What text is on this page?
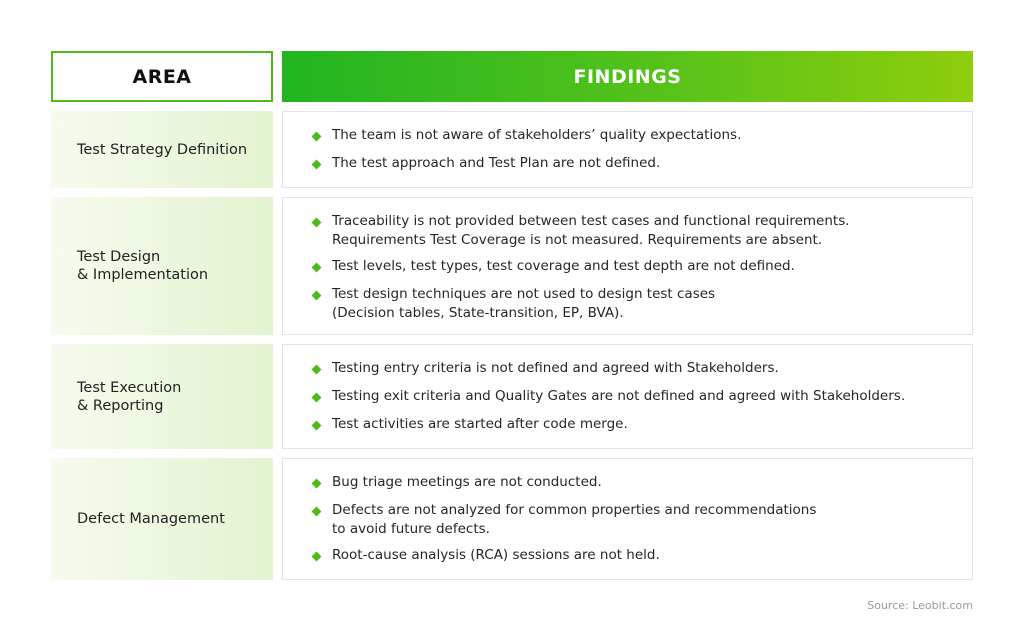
AREA	FINDINGS
Test Strategy Definition
The team is not aware of stakeholders’ quality expectations.
The test approach and Test Plan are not defined.
Test Design
& Implementation
Traceability is not provided between test cases and functional requirements.
Requirements Test Coverage is not measured. Requirements are absent.
Test levels, test types, test coverage and test depth are not defined.
Test design techniques are not used to design test cases
(Decision tables, State-transition, EP, BVA).
Test Execution
& Reporting
Testing entry criteria is not defined and agreed with Stakeholders.
Testing exit criteria and Quality Gates are not defined and agreed with Stakeholders.
Test activities are started after code merge.
Defect Management
Bug triage meetings are not conducted.
Defects are not analyzed for common properties and recommendations
to avoid future defects.
Root-cause analysis (RCA) sessions are not held.
Source: Leobit.com
